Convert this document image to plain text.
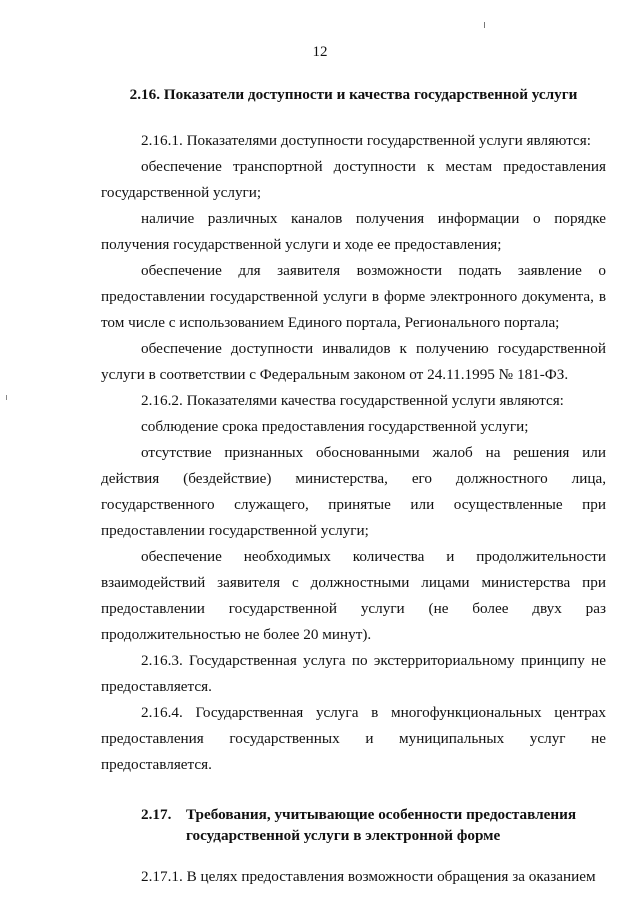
12
2.16. Показатели доступности и качества государственной услуги

2.16.1. Показателями доступности государственной услуги являются:

обеспечение транспортной доступности к местам предоставления государственной услуги;

наличие различных каналов получения информации о порядке получения государственной услуги и ходе ее предоставления;

обеспечение для заявителя возможности подать заявление о предоставлении государственной услуги в форме электронного документа, в том числе с использованием Единого портала, Регионального портала;

обеспечение доступности инвалидов к получению государственной услуги в соответствии с Федеральным законом от 24.11.1995 № 181-ФЗ.

2.16.2. Показателями качества государственной услуги являются:

соблюдение срока предоставления государственной услуги;

отсутствие признанных обоснованными жалоб на решения или действия (бездействие) министерства, его должностного лица, государственного служащего, принятые или осуществленные при предоставлении государственной услуги;

обеспечение необходимых количества и продолжительности взаимодействий заявителя с должностными лицами министерства при предоставлении государственной услуги (не более двух раз продолжительностью не более 20 минут).

2.16.3. Государственная услуга по экстерриториальному принципу не предоставляется.

2.16.4. Государственная услуга в многофункциональных центрах предоставления государственных и муниципальных услуг не предоставляется.

2.17. Требования, учитывающие особенности предоставления
государственной услуги в электронной форме

2.17.1. В целях предоставления возможности обращения за оказанием
